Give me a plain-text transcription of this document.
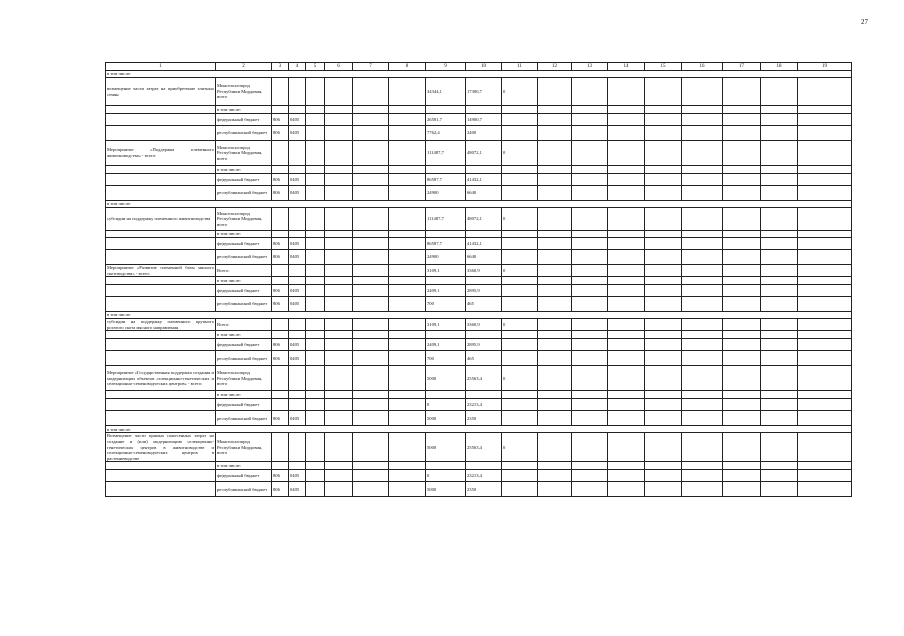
27
1	2	3	4	5	6	7	8	9	10	11	12	13	14	15	16	17	18	19
в том числе:																		
возмещение части затрат на приобретение элитных семян	Минсельхозпрод Республики Мордовия, всего							34344,1	17300,7	0								
	в том числе:																	
	федеральный бюджет	806	0405					26581,7	14900,7									
	республиканский бюджет	806	0405					7762,4	2400									
Мероприятие «Поддержка племенного животноводства» - всего:	Минсельхозпрод Республики Мордовия, всего							111487,7	48072,1	0								
	в том числе:																	
	федеральный бюджет	806	0405					86587,7	41432,1									
	республиканский бюджет	806	0405					24900	6640									
в том числе:																		
субсидии на поддержку племенного животноводства	Минсельхозпрод Республики Мордовия, всего							111487,7	48072,1	0								
	в том числе:																	
	федеральный бюджет	806	0405					86587,7	41432,1									
	республиканский бюджет	806	0405					24900	6640									
Мероприятие «Развитие племенной базы мясного скотоводства» - всего:	Всего:							3109,1	3360,9	0								
	в том числе:																	
	федеральный бюджет	806	0405					2409,1	2895,9									
	республиканский бюджет	806	0405					700	465									
в том числе:																		
субсидии на поддержку племенного крупного рогатого скота мясного направления	Всего:							3109,1	3360,9	0								
	в том числе:																	
	федеральный бюджет	806	0405					2409,1	2895,9									
	республиканский бюджет	806	0405					700	465									
Мероприятие «Государственная поддержка создания и модернизации объектов селекционно-генетических и селекционно-семеноводческих центров» - всего:	Минсельхозпрод Республики Мордовия, всего							5000	25563,4	0								
	в том числе:																	
	федеральный бюджет							0	23213,4									
	республиканский бюджет	806	0405					5000	2350									
в том числе:																		
Возмещение части прямых понесенных затрат на создание и (или) модернизацию селекционно-генетических центров в животноводстве и селекционно-семеноводческих центров в растениеводстве	Минсельхозпрод Республики Мордовия, всего							5000	25563,4	0								
	в том числе:																	
	федеральный бюджет	806	0405					0	23213,4									
	республиканский бюджет	806	0405					5000	2350									
